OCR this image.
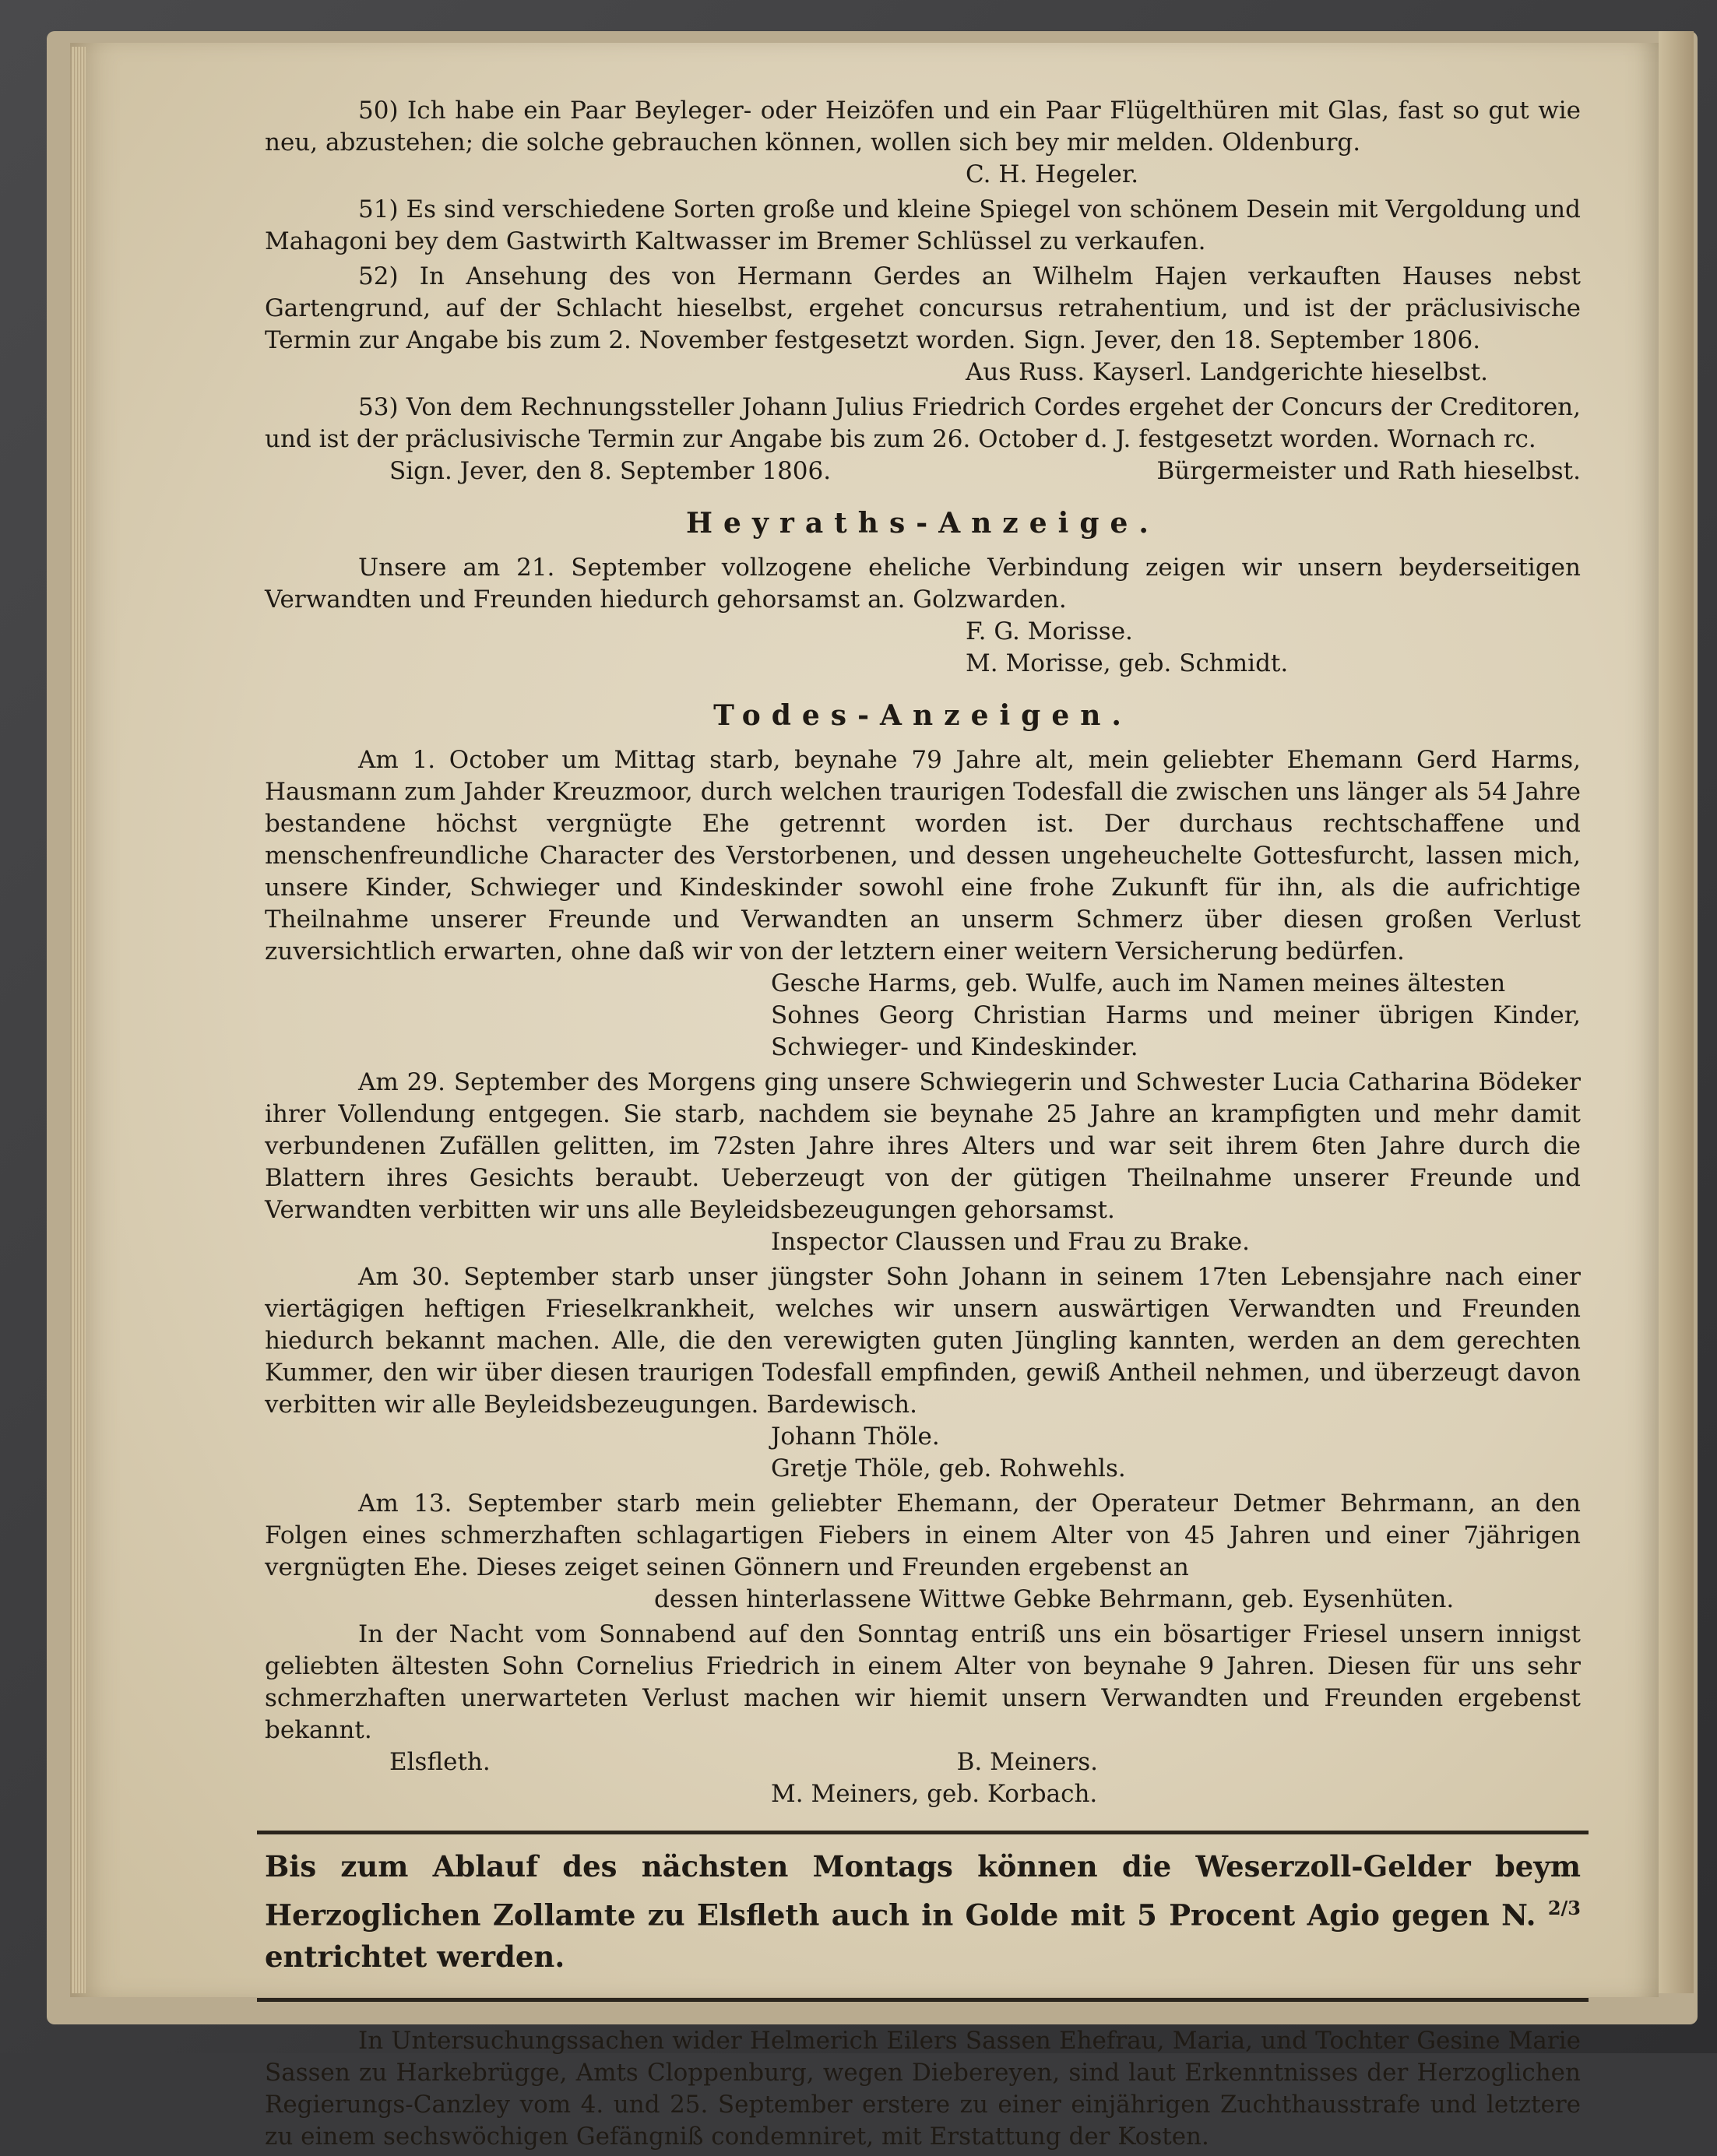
50) Ich habe ein Paar Beyleger- oder Heizöfen und ein Paar Flügelthüren mit Glas, fast so gut wie neu, abzustehen; die solche gebrauchen können, wollen sich bey mir melden. Oldenburg.

C. H. Hegeler.

51) Es sind verschiedene Sorten große und kleine Spiegel von schönem Desein mit Vergoldung und Mahagoni bey dem Gastwirth Kaltwasser im Bremer Schlüssel zu verkaufen.

52) In Ansehung des von Hermann Gerdes an Wilhelm Hajen verkauften Hauses nebst Gartengrund, auf der Schlacht hieselbst, ergehet concursus retrahentium, und ist der präclusivische Termin zur Angabe bis zum 2. November festgesetzt worden. Sign. Jever, den 18. September 1806.

Aus Russ. Kayserl. Landgerichte hieselbst.

53) Von dem Rechnungssteller Johann Julius Friedrich Cordes ergehet der Concurs der Creditoren, und ist der präclusivische Termin zur Angabe bis zum 26. October d. J. festgesetzt worden. Wornach rc.

Sign. Jever, den 8. September 1806.	Bürgermeister und Rath hieselbst.
Heyraths-Anzeige.

Unsere am 21. September vollzogene eheliche Verbindung zeigen wir unsern beyderseitigen Verwandten und Freunden hiedurch gehorsamst an. Golzwarden.

F. G. Morisse.

M. Morisse, geb. Schmidt.

Todes-Anzeigen.

Am 1. October um Mittag starb, beynahe 79 Jahre alt, mein geliebter Ehemann Gerd Harms, Hausmann zum Jahder Kreuzmoor, durch welchen traurigen Todesfall die zwischen uns länger als 54 Jahre bestandene höchst vergnügte Ehe getrennt worden ist. Der durchaus rechtschaffene und menschenfreundliche Character des Verstorbenen, und dessen ungeheuchelte Gottesfurcht, lassen mich, unsere Kinder, Schwieger und Kindeskinder sowohl eine frohe Zukunft für ihn, als die aufrichtige Theilnahme unserer Freunde und Verwandten an unserm Schmerz über diesen großen Verlust zuversichtlich erwarten, ohne daß wir von der letztern einer weitern Versicherung bedürfen.

Gesche Harms, geb. Wulfe, auch im Namen meines ältesten

Sohnes Georg Christian Harms und meiner übrigen Kinder, Schwieger- und Kindeskinder.

Am 29. September des Morgens ging unsere Schwiegerin und Schwester Lucia Catharina Bödeker ihrer Vollendung entgegen. Sie starb, nachdem sie beynahe 25 Jahre an krampfigten und mehr damit verbundenen Zufällen gelitten, im 72sten Jahre ihres Alters und war seit ihrem 6ten Jahre durch die Blattern ihres Gesichts beraubt. Ueberzeugt von der gütigen Theilnahme unserer Freunde und Verwandten verbitten wir uns alle Beyleidsbezeugungen gehorsamst.

Inspector Claussen und Frau zu Brake.

Am 30. September starb unser jüngster Sohn Johann in seinem 17ten Lebensjahre nach einer viertägigen heftigen Frieselkrankheit, welches wir unsern auswärtigen Verwandten und Freunden hiedurch bekannt machen. Alle, die den verewigten guten Jüngling kannten, werden an dem gerechten Kummer, den wir über diesen traurigen Todesfall empfinden, gewiß Antheil nehmen, und überzeugt davon verbitten wir alle Beyleidsbezeugungen. Bardewisch.

Johann Thöle.

Gretje Thöle, geb. Rohwehls.

Am 13. September starb mein geliebter Ehemann, der Operateur Detmer Behrmann, an den Folgen eines schmerzhaften schlagartigen Fiebers in einem Alter von 45 Jahren und einer 7jährigen vergnügten Ehe. Dieses zeiget seinen Gönnern und Freunden ergebenst an

dessen hinterlassene Wittwe Gebke Behrmann, geb. Eysenhüten.

In der Nacht vom Sonnabend auf den Sonntag entriß uns ein bösartiger Friesel unsern innigst geliebten ältesten Sohn Cornelius Friedrich in einem Alter von beynahe 9 Jahren. Diesen für uns sehr schmerzhaften unerwarteten Verlust machen wir hiemit unsern Verwandten und Freunden ergebenst bekannt.

Elsfleth.	B. Meiners.

M. Meiners, geb. Korbach.

Bis zum Ablauf des nächsten Montags können die Weserzoll-Gelder beym Herzoglichen Zollamte zu Elsfleth auch in Golde mit 5 Procent Agio gegen N. $^{2/3}$ entrichtet werden.

In Untersuchungssachen wider Helmerich Eilers Sassen Ehefrau, Maria, und Tochter Gesine Marie Sassen zu Harkebrügge, Amts Cloppenburg, wegen Diebereyen, sind laut Erkenntnisses der Herzoglichen Regierungs-Canzley vom 4. und 25. September erstere zu einer einjährigen Zuchthausstrafe und letztere zu einem sechswöchigen Gefängniß condemniret, mit Erstattung der Kosten.
